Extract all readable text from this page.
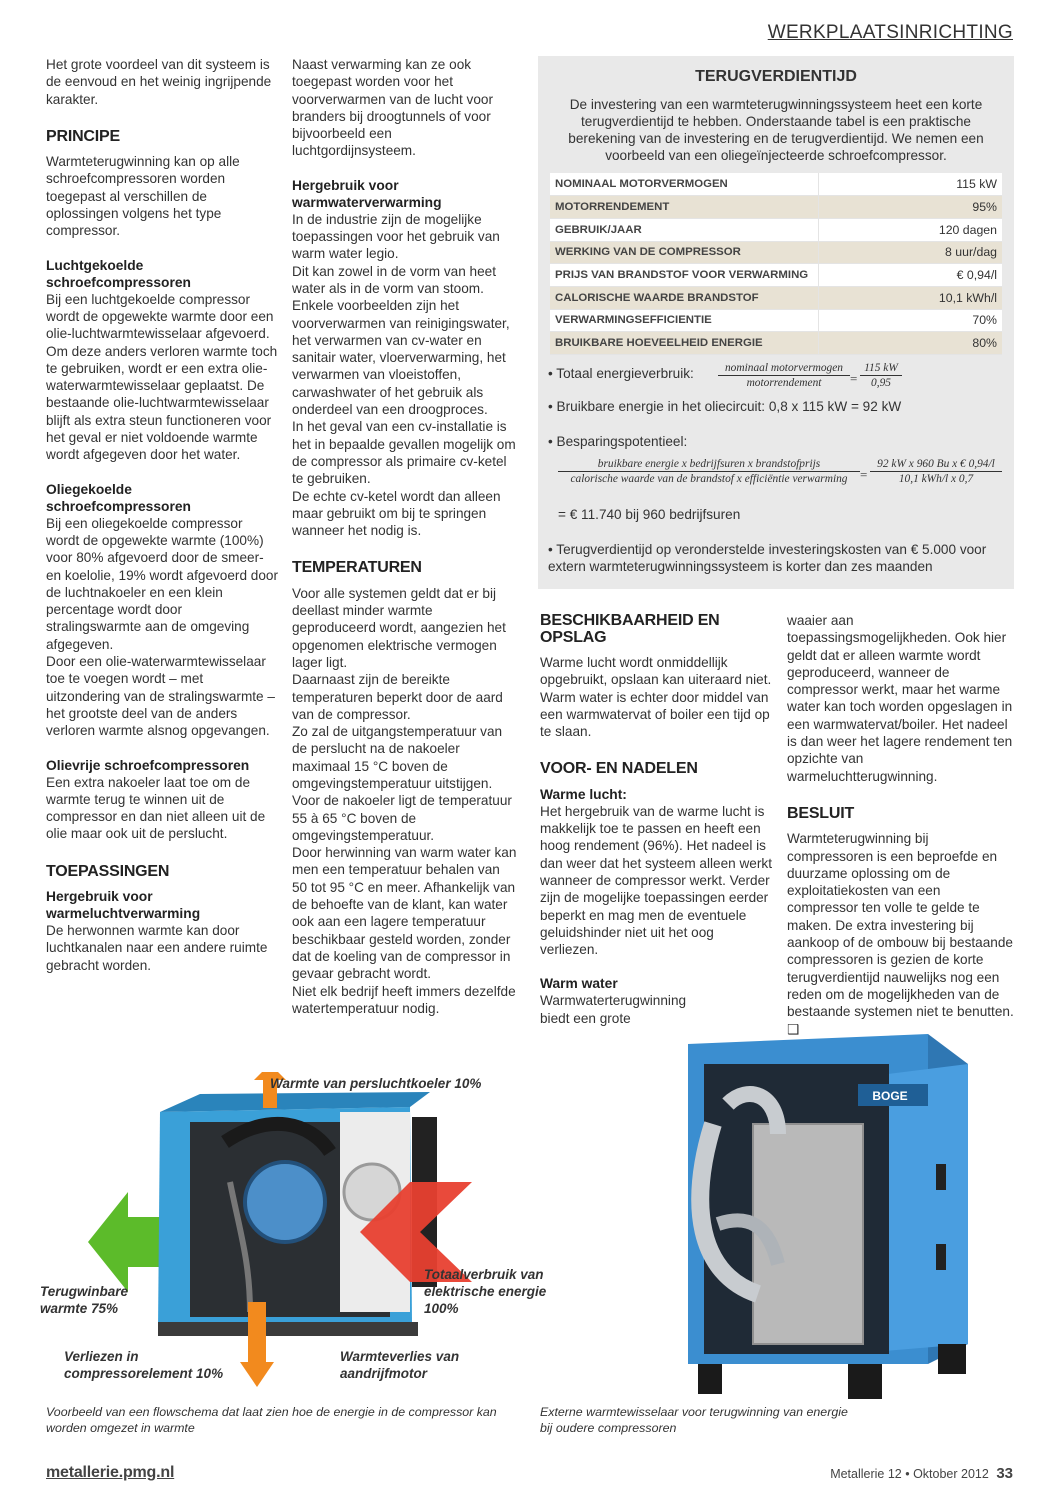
WERKPLAATSINRICHTING

Het grote voordeel van dit systeem is de eenvoud en het weinig ingrijpende karakter.

PRINCIPE

Warmteterugwinning kan op alle schroefcompressoren worden toegepast al verschillen de oplossingen volgens het type compressor.

Luchtgekoelde schroefcompressoren

Bij een luchtgekoelde compressor wordt de opgewekte warmte door een olie-luchtwarmtewisselaar afgevoerd.
Om deze anders verloren warmte toch te gebruiken, wordt er een extra olie-waterwarmtewisselaar geplaatst. De bestaande olie-luchtwarmtewisselaar blijft als extra steun functioneren voor het geval er niet voldoende warmte wordt afgegeven door het water.

Oliegekoelde schroefcompressoren

Bij een oliegekoelde compressor wordt de opgewekte warmte (100%) voor 80% afgevoerd door de smeer- en koelolie, 19% wordt afgevoerd door de luchtnakoeler en een klein percentage wordt door stralingswarmte aan de omgeving afgegeven.
Door een olie-waterwarmtewisselaar toe te voegen wordt – met uitzondering van de stralingswarmte – het grootste deel van de anders verloren warmte alsnog opgevangen.

Olievrije schroefcompressoren

Een extra nakoeler laat toe om de warmte terug te winnen uit de compressor en dan niet alleen uit de olie maar ook uit de perslucht.

TOEPASSINGEN
Hergebruik voor warmeluchtverwarming

De herwonnen warmte kan door luchtkanalen naar een andere ruimte gebracht worden.

Naast verwarming kan ze ook toegepast worden voor het voorverwarmen van de lucht voor branders bij droogtunnels of voor bijvoorbeeld een luchtgordijnsysteem.

Hergebruik voor warmwaterverwarming

In de industrie zijn de mogelijke toepassingen voor het gebruik van warm water legio.
Dit kan zowel in de vorm van heet water als in de vorm van stoom. Enkele voorbeelden zijn het voorverwarmen van reinigingswater, het verwarmen van cv-water en sanitair water, vloerverwarming, het verwarmen van vloeistoffen, carwashwater of het gebruik als onderdeel van een droogproces.
In het geval van een cv-installatie is het in bepaalde gevallen mogelijk om de compressor als primaire cv-ketel te gebruiken.
De echte cv-ketel wordt dan alleen maar gebruikt om bij te springen wanneer het nodig is.

TEMPERATUREN

Voor alle systemen geldt dat er bij deellast minder warmte geproduceerd wordt, aangezien het opgenomen elektrische vermogen lager ligt.
Daarnaast zijn de bereikte temperaturen beperkt door de aard van de compressor.
Zo zal de uitgangstemperatuur van de perslucht na de nakoeler maximaal 15 °C boven de omgevingstemperatuur uitstijgen. Voor de nakoeler ligt de temperatuur 55 à 65 °C boven de omgevingstemperatuur.
Door herwinning van warm water kan men een temperatuur behalen van 50 tot 95 °C en meer. Afhankelijk van de behoefte van de klant, kan water ook aan een lagere temperatuur beschikbaar gesteld worden, zonder dat de koeling van de compressor in gevaar gebracht wordt.
Niet elk bedrijf heeft immers dezelfde watertemperatuur nodig.

TERUGVERDIENTIJD
De investering van een warmteterugwinningssysteem heet een korte terugverdientijd te hebben. Onderstaande tabel is een praktische berekening van de investering en de terugverdientijd. We nemen een voorbeeld van een oliegeïnjecteerde schroefcompressor.
NOMINAAL MOTORVERMOGEN	115 kW
MOTORRENDEMENT	95%
GEBRUIK/JAAR	120 dagen
WERKING VAN DE COMPRESSOR	8 uur/dag
PRIJS VAN BRANDSTOF VOOR VERWARMING	€ 0,94/l
CALORISCHE WAARDE BRANDSTOF	10,1 kWh/l
VERWARMINGSEFFICIENTIE	70%
BRUIKBARE HOEVEELHEID ENERGIE	80%
• Totaal energieverbruik:	nominaal motorvermogen
motorrendement	= $\frac{115 kW}{0,95}$
• Bruikbare energie in het oliecircuit: 0,8 x 115 kW = 92 kW
• Besparingspotentieel:
bruikbare energie x bedrijfsuren x brandstofprijs
calorische waarde van de brandstof x efficiëntie verwarming =
92 kW x 960 Bu x € 0,94/l
10,1 kWh/l x 0,7
= € 11.740 bij 960 bedrijfsuren
• Terugverdientijd op veronderstelde investeringskosten van € 5.000 voor extern warmteterugwinningssysteem is korter dan zes maanden
BESCHIKBAARHEID EN OPSLAG

Warme lucht wordt onmiddellijk opgebruikt, opslaan kan uiteraard niet. Warm water is echter door middel van een warmwatervat of boiler een tijd op te slaan.

VOOR- EN NADELEN
Warme lucht:

Het hergebruik van de warme lucht is makkelijk toe te passen en heeft een hoog rendement (96%). Het nadeel is dan weer dat het systeem alleen werkt wanneer de compressor werkt. Verder zijn de mogelijke toepassingen eerder beperkt en mag men de eventuele geluidshinder niet uit het oog verliezen.

Warm water

Warmwaterterugwinning biedt een grote

waaier aan toepassingsmogelijkheden. Ook hier geldt dat er alleen warmte wordt geproduceerd, wanneer de compressor werkt, maar het warme water kan toch worden opgeslagen in een warmwatervat/boiler. Het nadeel is dan weer het lagere rendement ten opzichte van warmeluchtterugwinning.

BESLUIT

Warmteterugwinning bij compressoren is een beproefde en duurzame oplossing om de exploitatiekosten van een compressor ten volle te gelde te maken. De extra investering bij aankoop of de ombouw bij bestaande compressoren is gezien de korte terugverdientijd nauwelijks nog een reden om de mogelijkheden van de bestaande systemen niet te benutten. ❑

Warmte van persluchtkoeler 10%
Terugwinbare warmte 75%
Totaalverbruik van elektrische energie 100%
Verliezen in compressorelement 10%
Warmteverlies van aandrijfmotor
Voorbeeld van een flowschema dat laat zien hoe de energie in de compressor kan worden omgezet in warmte
BOGE
Externe warmtewisselaar voor terugwinning van energie bij oudere compressoren
metallerie.pmg.nl	Metallerie 12 • Oktober 2012 33
